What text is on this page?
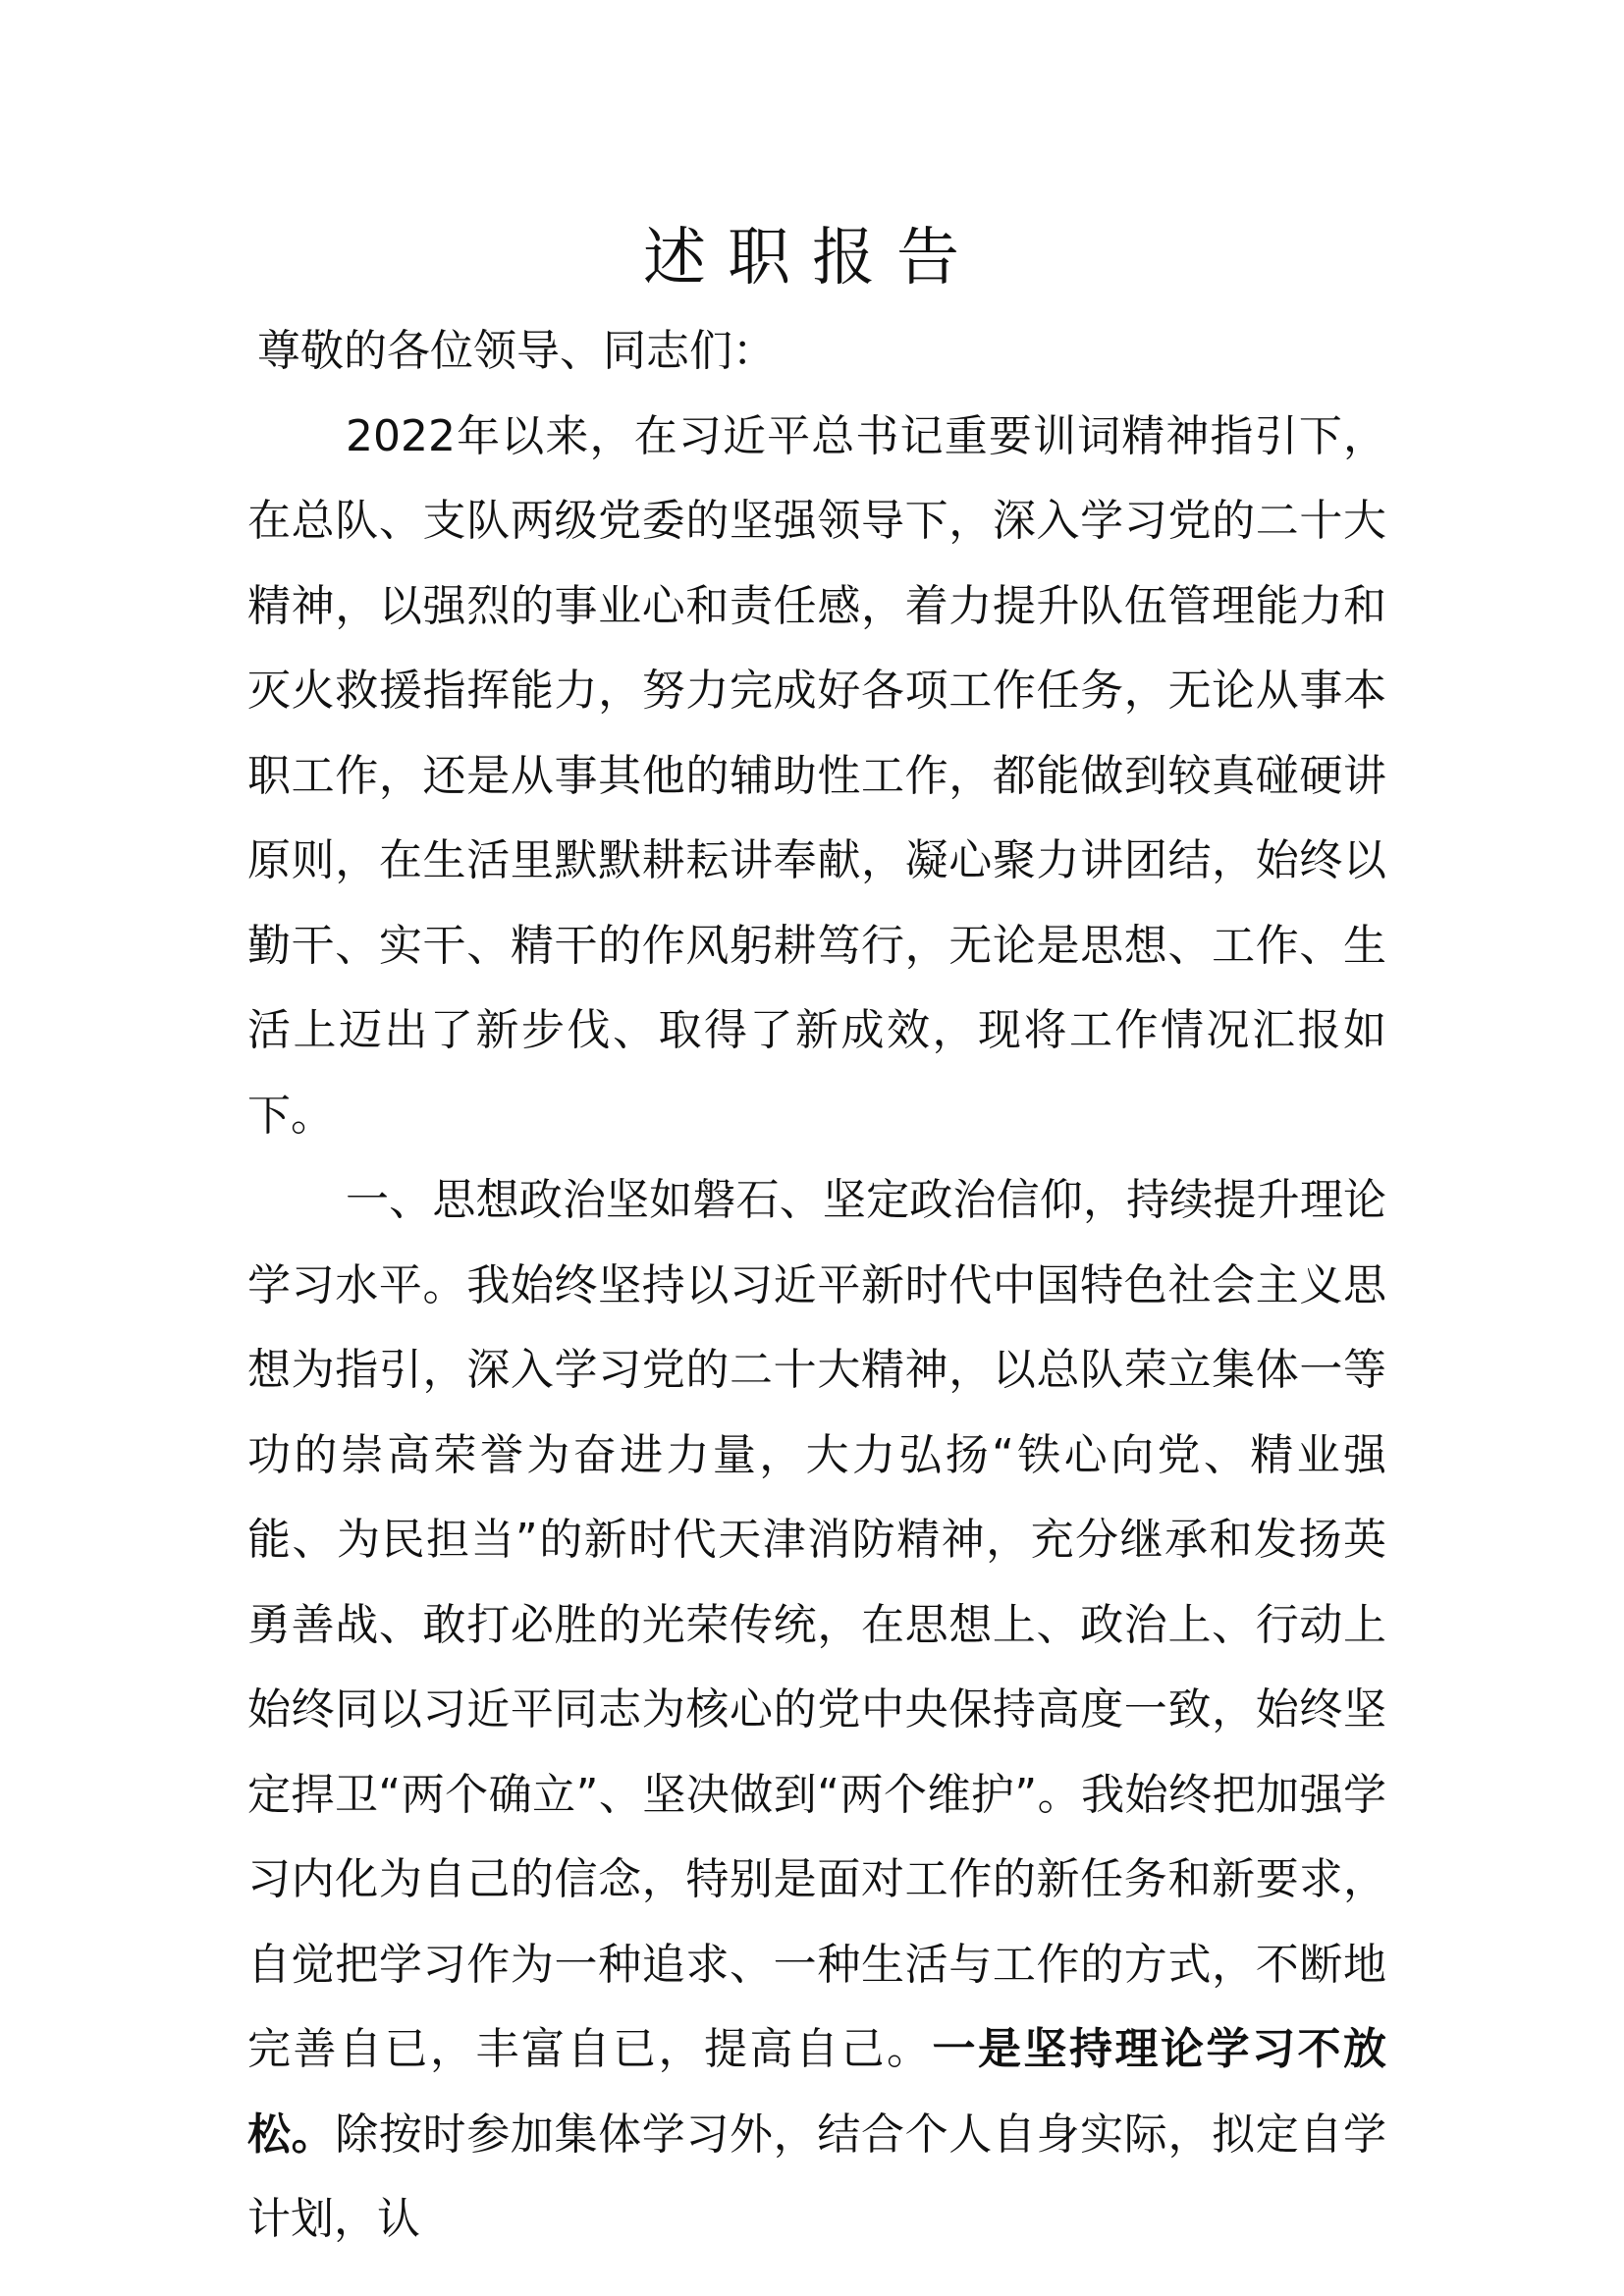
述职报告

尊敬的各位领导、同志们：

2022年以来，在习近平总书记重要训词精神指引下，在总队、支队两级党委的坚强领导下，深入学习党的二十大精神，以强烈的事业心和责任感，着力提升队伍管理能力和灭火救援指挥能力，努力完成好各项工作任务，无论从事本职工作，还是从事其他的辅助性工作，都能做到较真碰硬讲原则，在生活里默默耕耘讲奉献，凝心聚力讲团结，始终以勤干、实干、精干的作风躬耕笃行，无论是思想、工作、生活上迈出了新步伐、取得了新成效，现将工作情况汇报如下。

一、思想政治坚如磐石、坚定政治信仰，持续提升理论学习水平。我始终坚持以习近平新时代中国特色社会主义思想为指引，深入学习党的二十大精神，以总队荣立集体一等功的崇高荣誉为奋进力量，大力弘扬“铁心向党、精业强能、为民担当”的新时代天津消防精神，充分继承和发扬英勇善战、敢打必胜的光荣传统，在思想上、政治上、行动上始终同以习近平同志为核心的党中央保持高度一致，始终坚定捍卫“两个确立”、坚决做到“两个维护”。我始终把加强学习内化为自己的信念，特别是面对工作的新任务和新要求，自觉把学习作为一种追求、一种生活与工作的方式，不断地完善自已，丰富自已，提高自己。一是坚持理论学习不放松。除按时参加集体学习外，结合个人自身实际，拟定自学计划，认
